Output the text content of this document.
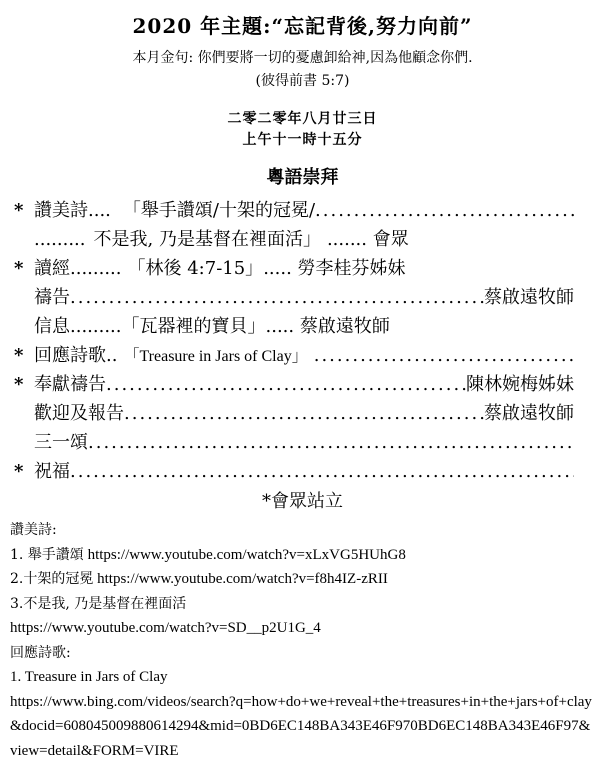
2020 年主題:“忘記背後,努力向前”
本月金句: 你們要將一切的憂慮卸給神,因為他顧念你們.
(彼得前書 5:7)
二零二零年八月廿三日
上午十一時十五分
粵語崇拜
* 讚美詩.... 「舉手讚頌/十架的冠冕/
.....
......... 不是我, 乃是基督在裡面活」 ....... 會眾
* 讀經......... 「林後 4:7-15」 ..... 勞李桂芬姊妹
禱告 .....	蔡啟遠牧師
信息......... 「瓦器裡的寶貝」 ..... 蔡啟遠牧師
* 回應詩歌.. 「Treasure in Jars of Clay」
.....
* 奉獻禱告 .....	陳林婉梅姊妹
歡迎及報告 .....	蔡啟遠牧師
三一頌
.....
* 祝福
.....
*會眾站立
讚美詩:
1. 舉手讚頌 https://www.youtube.com/watch?v=xLxVG5HUhG8
2.十架的冠冕 https://www.youtube.com/watch?v=f8h4IZ-zRII
3.不是我, 乃是基督在裡面活
https://www.youtube.com/watch?v=SD__p2U1G_4
回應詩歌:
1. Treasure in Jars of Clay
https://www.bing.com/videos/search?q=how+do+we+reveal+the+treasures+in+the+jars+of+clay&docid=608045009880614294&mid=0BD6EC148BA343E46F970BD6EC148BA343E46F97&view=detail&FORM=VIRE
